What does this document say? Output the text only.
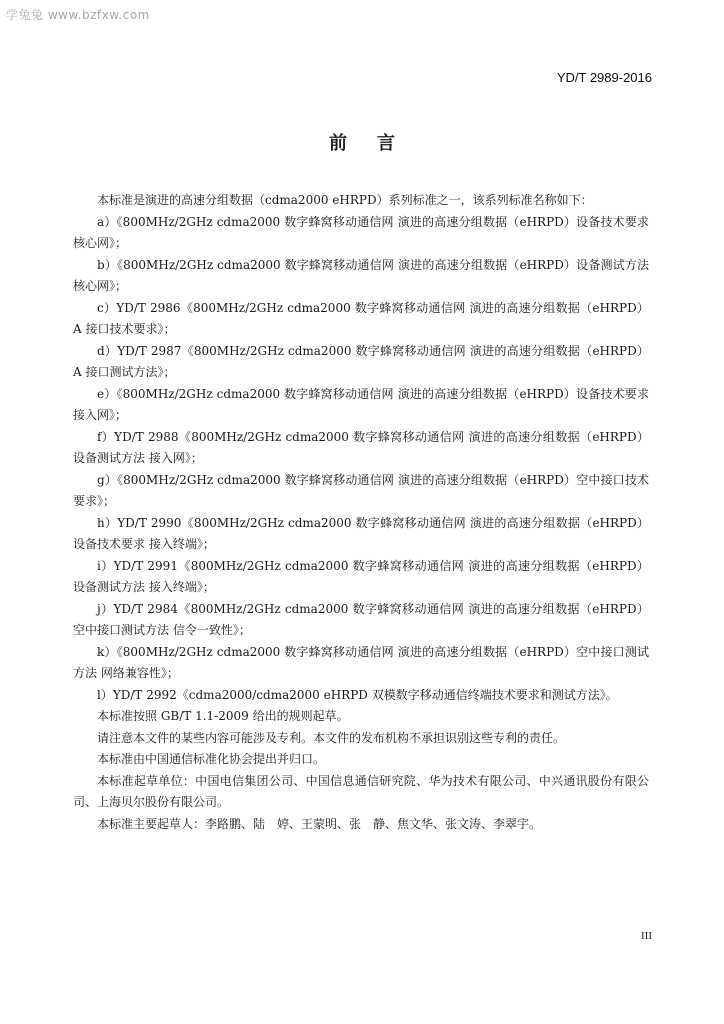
学兔兔 www.bzfxw.com
YD/T 2989-2016
前言

本标准是演进的高速分组数据（cdma2000 eHRPD）系列标准之一，该系列标准名称如下：

a）《800MHz/2GHz cdma2000 数字蜂窝移动通信网 演进的高速分组数据（eHRPD）设备技术要求 核心网》；

b）《800MHz/2GHz cdma2000 数字蜂窝移动通信网 演进的高速分组数据（eHRPD）设备测试方法 核心网》；

c）YD/T 2986《800MHz/2GHz cdma2000 数字蜂窝移动通信网 演进的高速分组数据（eHRPD）A 接口技术要求》；

d）YD/T 2987《800MHz/2GHz cdma2000 数字蜂窝移动通信网 演进的高速分组数据（eHRPD）A 接口测试方法》；

e）《800MHz/2GHz cdma2000 数字蜂窝移动通信网 演进的高速分组数据（eHRPD）设备技术要求 接入网》；

f）YD/T 2988《800MHz/2GHz cdma2000 数字蜂窝移动通信网 演进的高速分组数据（eHRPD）设备测试方法 接入网》；

g）《800MHz/2GHz cdma2000 数字蜂窝移动通信网 演进的高速分组数据（eHRPD）空中接口技术要求》；

h）YD/T 2990《800MHz/2GHz cdma2000 数字蜂窝移动通信网 演进的高速分组数据（eHRPD）设备技术要求 接入终端》；

i）YD/T 2991《800MHz/2GHz cdma2000 数字蜂窝移动通信网 演进的高速分组数据（eHRPD）设备测试方法 接入终端》；

j）YD/T 2984《800MHz/2GHz cdma2000 数字蜂窝移动通信网 演进的高速分组数据（eHRPD）空中接口测试方法 信令一致性》；

k）《800MHz/2GHz cdma2000 数字蜂窝移动通信网 演进的高速分组数据（eHRPD）空中接口测试方法 网络兼容性》；

l）YD/T 2992《cdma2000/cdma2000 eHRPD 双模数字移动通信终端技术要求和测试方法》。

本标准按照 GB/T 1.1-2009 给出的规则起草。

请注意本文件的某些内容可能涉及专利。本文件的发布机构不承担识别这些专利的责任。

本标准由中国通信标准化协会提出并归口。

本标准起草单位：中国电信集团公司、中国信息通信研究院、华为技术有限公司、中兴通讯股份有限公司、上海贝尔股份有限公司。

本标准主要起草人：李路鹏、陆　婷、王蒙明、张　静、焦文华、张文涛、李翠宇。

III
